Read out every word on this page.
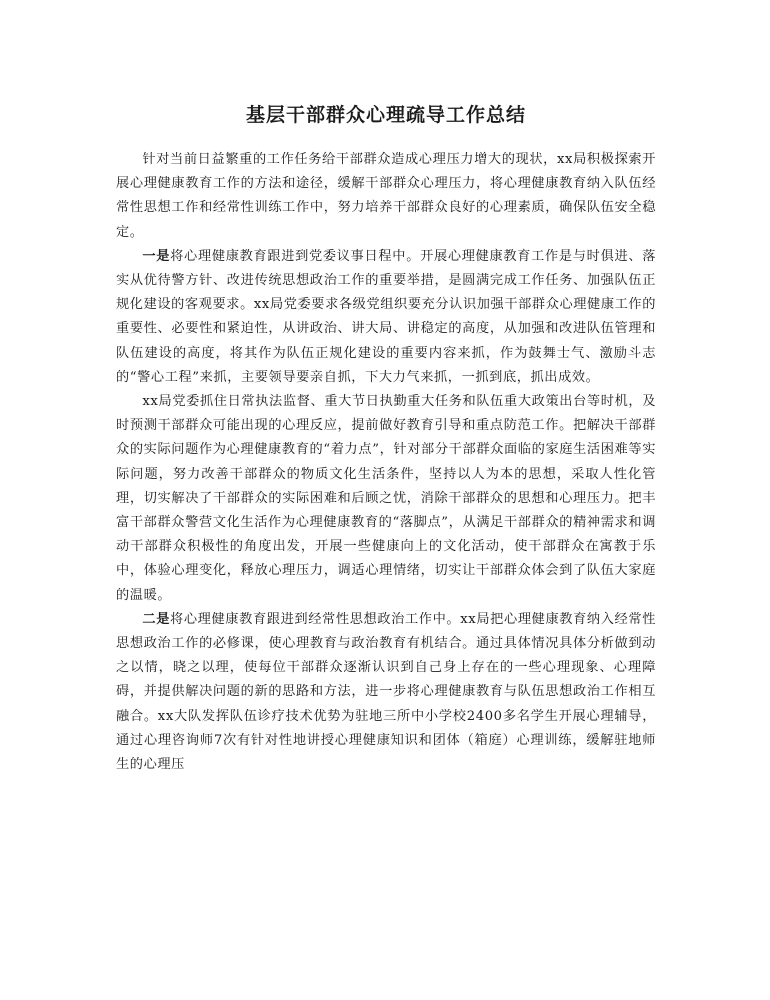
基层干部群众心理疏导工作总结

针对当前日益繁重的工作任务给干部群众造成心理压力增大的现状，xx局积极探索开展心理健康教育工作的方法和途径，缓解干部群众心理压力，将心理健康教育纳入队伍经常性思想工作和经常性训练工作中，努力培养干部群众良好的心理素质，确保队伍安全稳定。

一是将心理健康教育跟进到党委议事日程中。开展心理健康教育工作是与时俱进、落实从优待警方针、改进传统思想政治工作的重要举措，是圆满完成工作任务、加强队伍正规化建设的客观要求。xx局党委要求各级党组织要充分认识加强干部群众心理健康工作的重要性、必要性和紧迫性，从讲政治、讲大局、讲稳定的高度，从加强和改进队伍管理和队伍建设的高度，将其作为队伍正规化建设的重要内容来抓，作为鼓舞士气、激励斗志的“警心工程”来抓，主要领导要亲自抓，下大力气来抓，一抓到底，抓出成效。

xx局党委抓住日常执法监督、重大节日执勤重大任务和队伍重大政策出台等时机，及时预测干部群众可能出现的心理反应，提前做好教育引导和重点防范工作。把解决干部群众的实际问题作为心理健康教育的“着力点”，针对部分干部群众面临的家庭生活困难等实际问题，努力改善干部群众的物质文化生活条件，坚持以人为本的思想，采取人性化管理，切实解决了干部群众的实际困难和后顾之忧，消除干部群众的思想和心理压力。把丰富干部群众警营文化生活作为心理健康教育的“落脚点”，从满足干部群众的精神需求和调动干部群众积极性的角度出发，开展一些健康向上的文化活动，使干部群众在寓教于乐中，体验心理变化，释放心理压力，调适心理情绪，切实让干部群众体会到了队伍大家庭的温暖。

二是将心理健康教育跟进到经常性思想政治工作中。xx局把心理健康教育纳入经常性思想政治工作的必修课，使心理教育与政治教育有机结合。通过具体情况具体分析做到动之以情，晓之以理，使每位干部群众逐渐认识到自己身上存在的一些心理现象、心理障碍，并提供解决问题的新的思路和方法，进一步将心理健康教育与队伍思想政治工作相互融合。xx大队发挥队伍诊疗技术优势为驻地三所中小学校2400多名学生开展心理辅导，通过心理咨询师7次有针对性地讲授心理健康知识和团体（箱庭）心理训练，缓解驻地师生的心理压
